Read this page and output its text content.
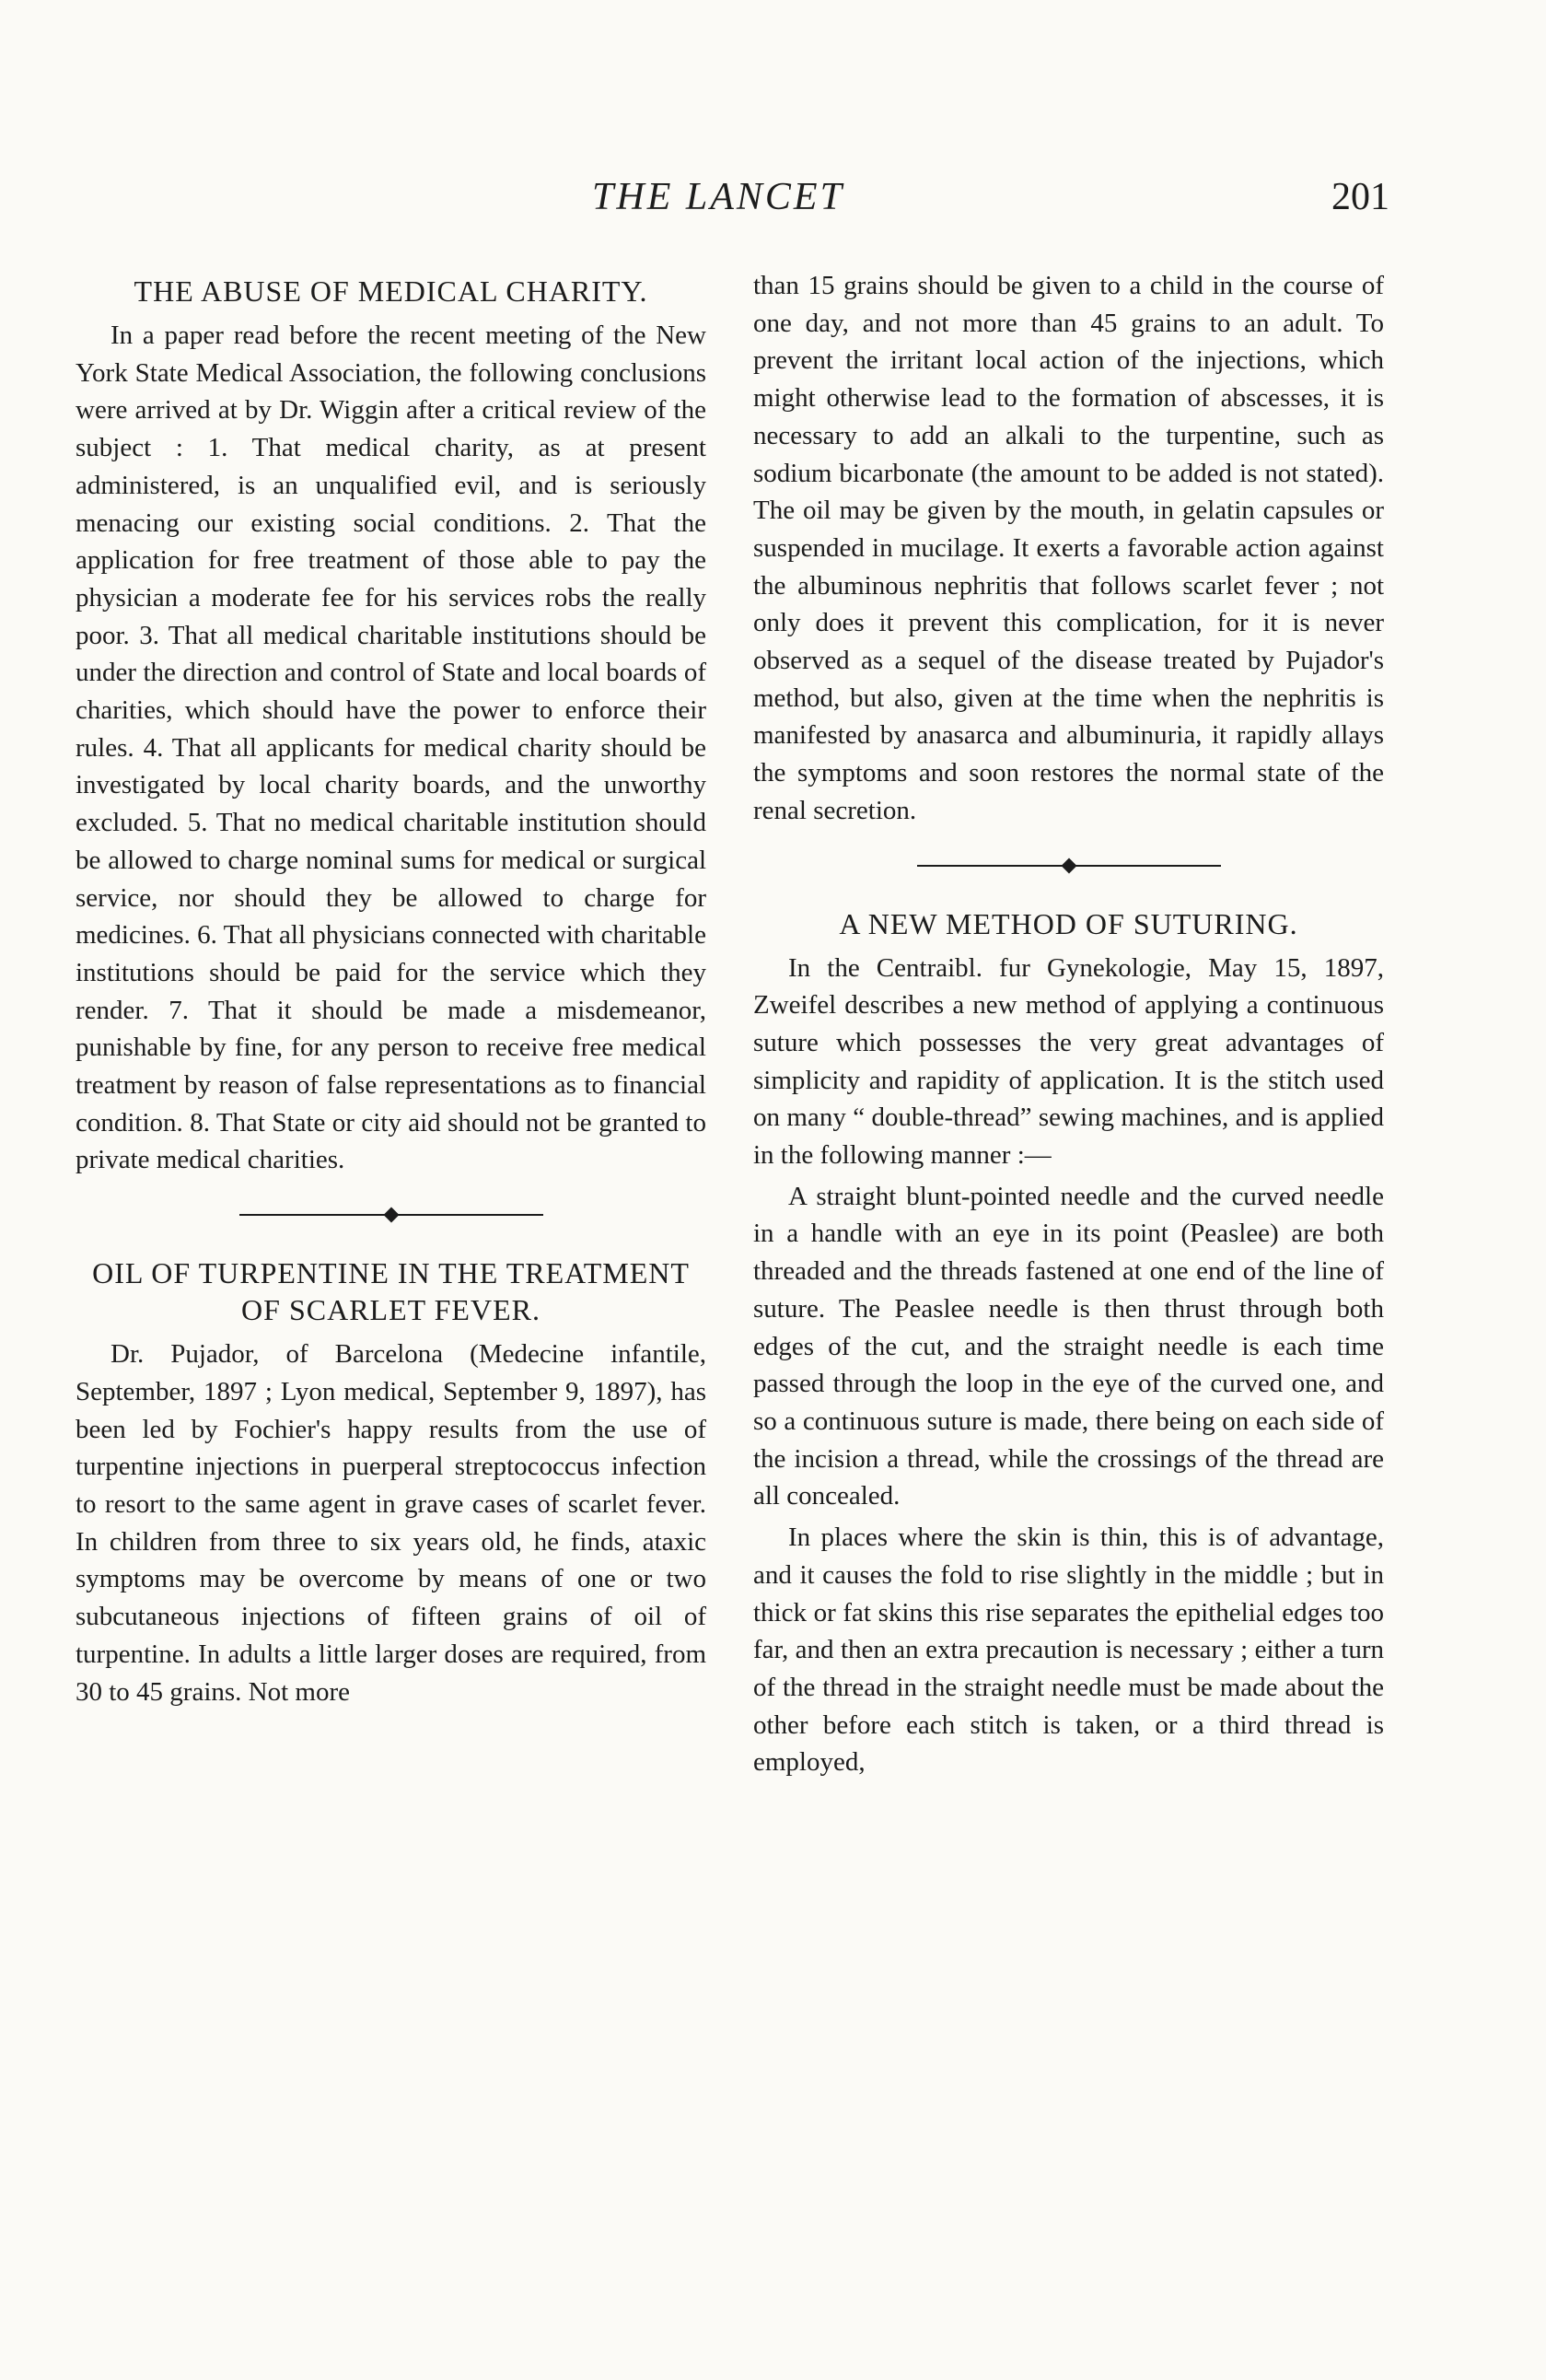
THE LANCET	201
THE ABUSE OF MEDICAL CHARITY.

In a paper read before the recent meeting of the New York State Medical Association, the following conclusions were arrived at by Dr. Wiggin after a critical review of the subject : 1. That medical charity, as at present administered, is an unqualified evil, and is seriously menacing our existing social conditions. 2. That the application for free treatment of those able to pay the physician a moderate fee for his services robs the really poor. 3. That all medical charitable institutions should be under the direction and control of State and local boards of charities, which should have the power to enforce their rules. 4. That all applicants for medical charity should be investigated by local charity boards, and the unworthy excluded. 5. That no medical charitable institution should be allowed to charge nominal sums for medical or surgical service, nor should they be allowed to charge for medicines. 6. That all physicians connected with charitable institutions should be paid for the service which they render. 7. That it should be made a misdemeanor, punishable by fine, for any person to receive free medical treatment by reason of false representations as to financial condition. 8. That State or city aid should not be granted to private medical charities.

OIL OF TURPENTINE IN THE TREATMENT OF SCARLET FEVER.

Dr. Pujador, of Barcelona (Medecine infantile, September, 1897 ; Lyon medical, September 9, 1897), has been led by Fochier's happy results from the use of turpentine injections in puerperal streptococcus infection to resort to the same agent in grave cases of scarlet fever. In children from three to six years old, he finds, ataxic symptoms may be overcome by means of one or two subcutaneous injections of fifteen grains of oil of turpentine. In adults a little larger doses are required, from 30 to 45 grains. Not more

than 15 grains should be given to a child in the course of one day, and not more than 45 grains to an adult. To prevent the irritant local action of the injections, which might otherwise lead to the formation of abscesses, it is necessary to add an alkali to the turpentine, such as sodium bicarbonate (the amount to be added is not stated). The oil may be given by the mouth, in gelatin capsules or suspended in mucilage. It exerts a favorable action against the albuminous nephritis that follows scarlet fever ; not only does it prevent this complication, for it is never observed as a sequel of the disease treated by Pujador's method, but also, given at the time when the nephritis is manifested by anasarca and albuminuria, it rapidly allays the symptoms and soon restores the normal state of the renal secretion.

A NEW METHOD OF SUTURING.

In the Centraibl. fur Gynekologie, May 15, 1897, Zweifel describes a new method of applying a continuous suture which possesses the very great advantages of simplicity and rapidity of application. It is the stitch used on many “ double-thread” sewing machines, and is applied in the following manner :—

A straight blunt-pointed needle and the curved needle in a handle with an eye in its point (Peaslee) are both threaded and the threads fastened at one end of the line of suture. The Peaslee needle is then thrust through both edges of the cut, and the straight needle is each time passed through the loop in the eye of the curved one, and so a continuous suture is made, there being on each side of the incision a thread, while the crossings of the thread are all concealed.

In places where the skin is thin, this is of advantage, and it causes the fold to rise slightly in the middle ; but in thick or fat skins this rise separates the epithelial edges too far, and then an extra precaution is necessary ; either a turn of the thread in the straight needle must be made about the other before each stitch is taken, or a third thread is employed,
